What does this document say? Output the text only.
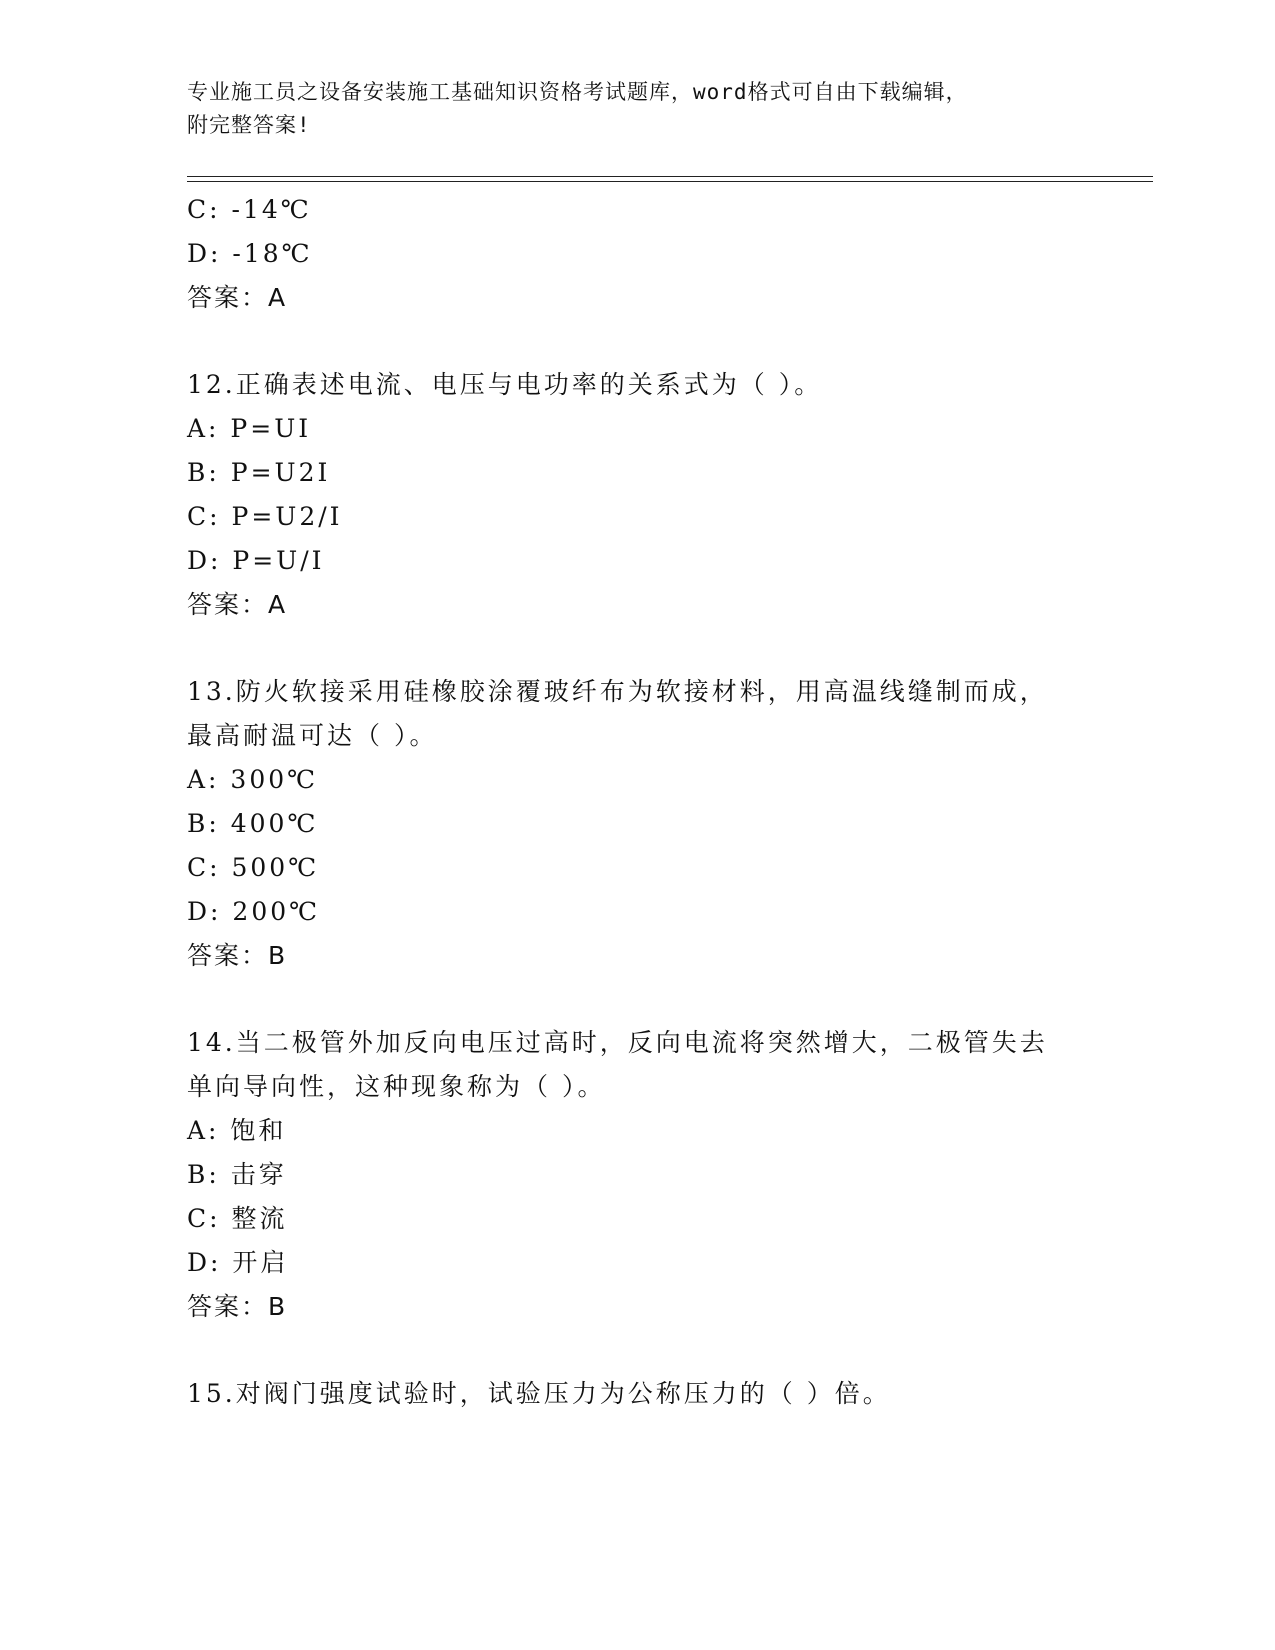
专业施工员之设备安装施工基础知识资格考试题库，word格式可自由下载编辑，
附完整答案!
C: -14℃
D: -18℃
答案：A
12.正确表述电流、电压与电功率的关系式为（ ）。
A: P=UI
B: P=U2I
C: P=U2/I
D: P=U/I
答案：A
13.防火软接采用硅橡胶涂覆玻纤布为软接材料，用高温线缝制而成，
最高耐温可达（ ）。
A: 300℃
B: 400℃
C: 500℃
D: 200℃
答案：B
14.当二极管外加反向电压过高时，反向电流将突然增大，二极管失去
单向导向性，这种现象称为（ ）。
A: 饱和
B: 击穿
C: 整流
D: 开启
答案：B
15.对阀门强度试验时，试验压力为公称压力的（ ）倍。
